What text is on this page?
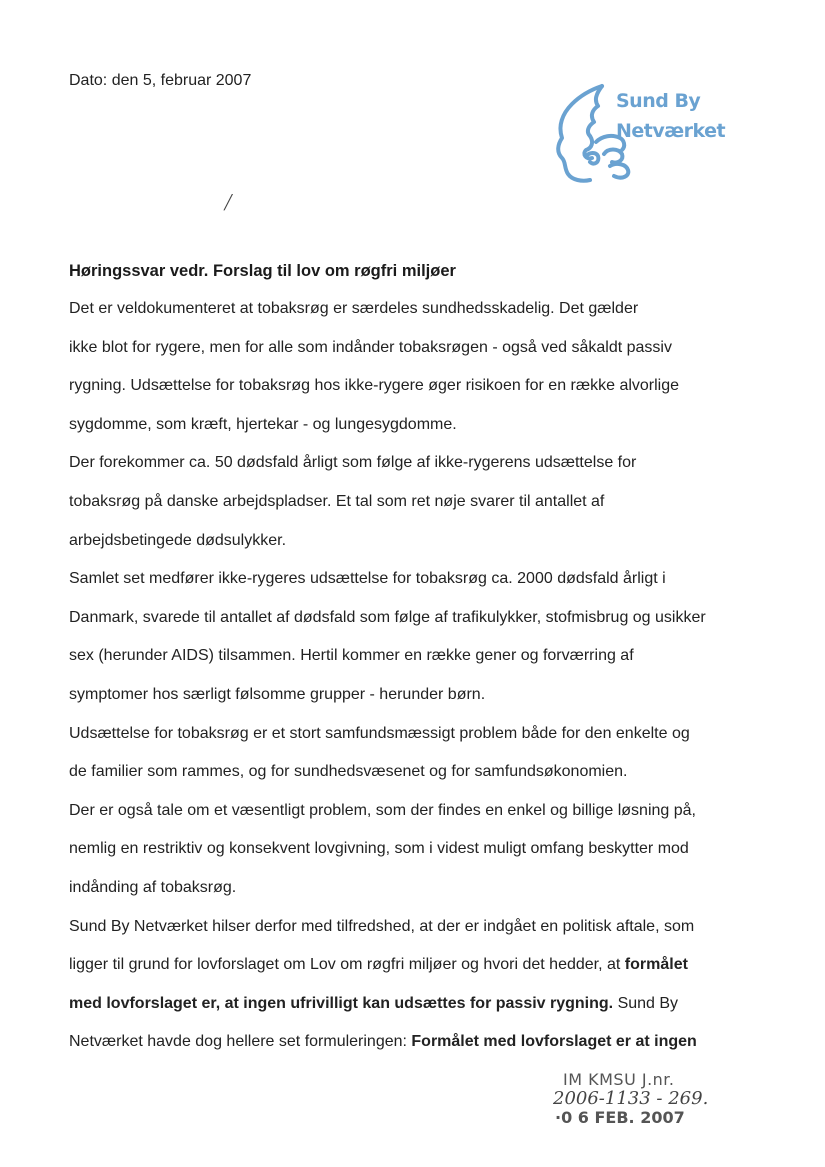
Dato: den 5, februar 2007
Sund By
Netværket
╱
Høringssvar vedr. Forslag til lov om røgfri miljøer
Det er veldokumenteret at tobaksrøg er særdeles sundhedsskadelig. Det gælder
ikke blot for rygere, men for alle som indånder tobaksrøgen - også ved såkaldt passiv
rygning. Udsættelse for tobaksrøg hos ikke-rygere øger risikoen for en række alvorlige
sygdomme, som kræft, hjertekar - og lungesygdomme.
Der forekommer ca. 50 dødsfald årligt som følge af ikke-rygerens udsættelse for
tobaksrøg på danske arbejdspladser. Et tal som ret nøje svarer til antallet af
arbejdsbetingede dødsulykker.
Samlet set medfører ikke-rygeres udsættelse for tobaksrøg ca. 2000 dødsfald årligt i
Danmark, svarede til antallet af dødsfald som følge af trafikulykker, stofmisbrug og usikker
sex (herunder AIDS) tilsammen. Hertil kommer en række gener og forværring af
symptomer hos særligt følsomme grupper - herunder børn.
Udsættelse for tobaksrøg er et stort samfundsmæssigt problem både for den enkelte og
de familier som rammes, og for sundhedsvæsenet og for samfundsøkonomien.
Der er også tale om et væsentligt problem, som der findes en enkel og billige løsning på,
nemlig en restriktiv og konsekvent lovgivning, som i videst muligt omfang beskytter mod
indånding af tobaksrøg.
Sund By Netværket hilser derfor med tilfredshed, at der er indgået en politisk aftale, som
ligger til grund for lovforslaget om Lov om røgfri miljøer og hvori det hedder, at formålet
med lovforslaget er, at ingen ufrivilligt kan udsættes for passiv rygning. Sund By
Netværket havde dog hellere set formuleringen: Formålet med lovforslaget er at ingen
IM KMSU J.nr.
2006-1133 - 269.
·0 6 FEB. 2007
